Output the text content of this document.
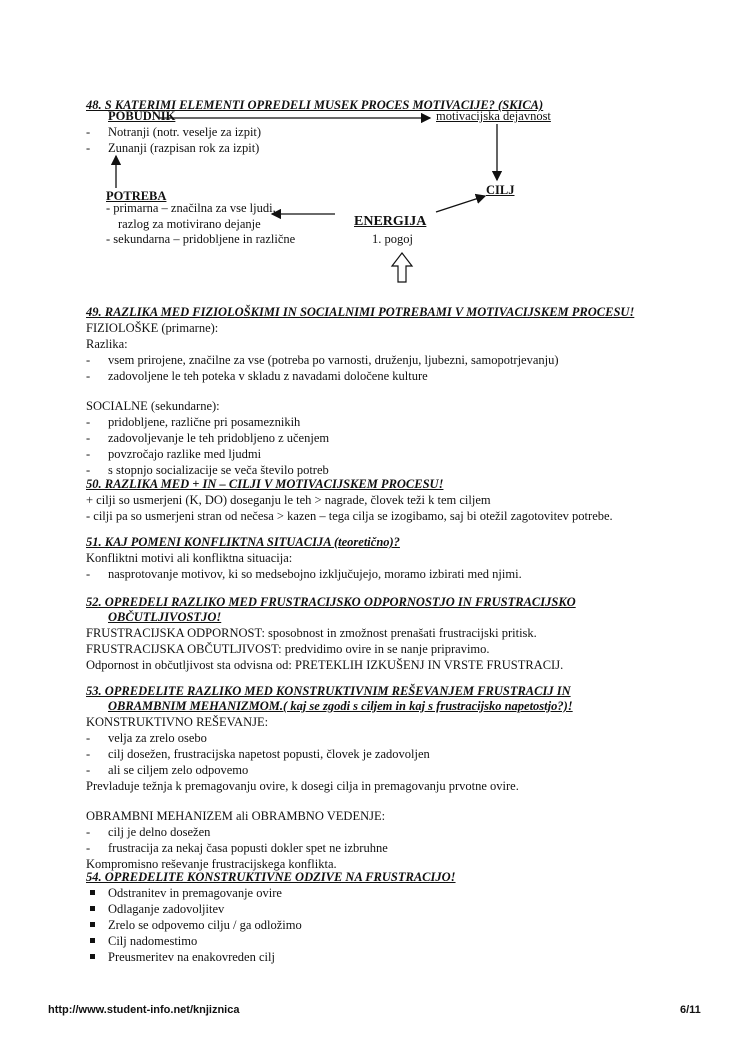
48. S KATERIMI ELEMENTI OPREDELI MUSEK PROCES MOTIVACIJE? (SKICA)
POBUDNIK	motivacijska dejavnost
- Notranji (notr. veselje za izpit)
- Zunanji (razpisan rok za izpit)
POTREBA
- primarna – značilna za vse ljudi,
razlog za motivirano dejanje
- sekundarna – pridobljene in različne
ENERGIJA
1. pogoj
CILJ
49. RAZLIKA MED FIZIOLOŠKIMI IN SOCIALNIMI POTREBAMI V MOTIVACIJSKEM PROCESU!
FIZIOLOŠKE (primarne):
Razlika:
- vsem prirojene, značilne za vse (potreba po varnosti, druženju, ljubezni, samopotrjevanju)
- zadovoljene le teh poteka v skladu z navadami določene kulture
SOCIALNE (sekundarne):
- pridobljene, različne pri posameznikih
- zadovoljevanje le teh pridobljeno z učenjem
- povzročajo razlike med ljudmi
- s stopnjo socializacije se veča število potreb
50. RAZLIKA MED + IN – CILJI V MOTIVACIJSKEM PROCESU!
+ cilji so usmerjeni (K, DO) doseganju le teh > nagrade, človek teži k tem ciljem
- cilji pa so usmerjeni stran od nečesa > kazen – tega cilja se izogibamo, saj bi otežil zagotovitev potrebe.
51. KAJ POMENI KONFLIKTNA SITUACIJA (teoretično)?
Konfliktni motivi ali konfliktna situacija:
- nasprotovanje motivov, ki so medsebojno izključujejo, moramo izbirati med njimi.
52. OPREDELI RAZLIKO MED FRUSTRACIJSKO ODPORNOSTJO IN FRUSTRACIJSKO
OBČUTLJIVOSTJO!
FRUSTRACIJSKA ODPORNOST: sposobnost in zmožnost prenašati frustracijski pritisk.
FRUSTRACIJSKA OBČUTLJIVOST: predvidimo ovire in se nanje pripravimo.
Odpornost in občutljivost sta odvisna od: PRETEKLIH IZKUŠENJ IN VRSTE FRUSTRACIJ.
53. OPREDELITE RAZLIKO MED KONSTRUKTIVNIM REŠEVANJEM FRUSTRACIJ IN
OBRAMBNIM MEHANIZMOM.( kaj se zgodi s ciljem in kaj s frustracijsko napetostjo?)!
KONSTRUKTIVNO REŠEVANJE:
- velja za zrelo osebo
- cilj dosežen, frustracijska napetost popusti, človek je zadovoljen
- ali se ciljem zelo odpovemo
Prevladuje težnja k premagovanju ovire, k dosegi cilja in premagovanju prvotne ovire.
OBRAMBNI MEHANIZEM ali OBRAMBNO VEDENJE:
- cilj je delno dosežen
- frustracija za nekaj časa popusti dokler spet ne izbruhne
Kompromisno reševanje frustracijskega konflikta.
54. OPREDELITE KONSTRUKTIVNE ODZIVE NA FRUSTRACIJO!
Odstranitev in premagovanje ovire
Odlaganje zadovoljitev
Zrelo se odpovemo cilju / ga odložimo
Cilj nadomestimo
Preusmeritev na enakovreden cilj
http://www.student-info.net/knjiznica	6/11
